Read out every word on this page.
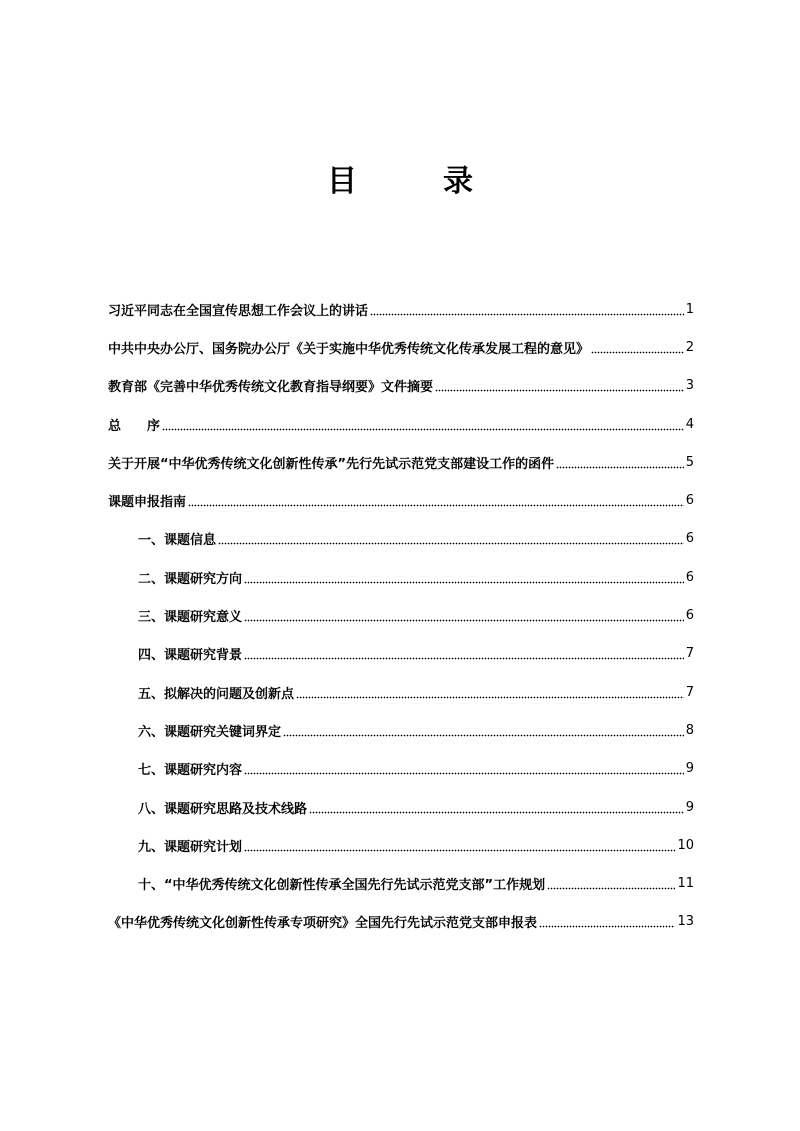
目　录
习近平同志在全国宣传思想工作会议上的讲话	1
中共中央办公厅、国务院办公厅《关于实施中华优秀传统文化传承发展工程的意见》	2
教育部《完善中华优秀传统文化教育指导纲要》文件摘要	3
总　　序	4
关于开展“中华优秀传统文化创新性传承”先行先试示范党支部建设工作的函件	5
课题申报指南	6
一、课题信息	6
二、课题研究方向	6
三、课题研究意义	6
四、课题研究背景	7
五、拟解决的问题及创新点	7
六、课题研究关键词界定	8
七、课题研究内容	9
八、课题研究思路及技术线路	9
九、课题研究计划	10
十、“中华优秀传统文化创新性传承全国先行先试示范党支部”工作规划	11
《中华优秀传统文化创新性传承专项研究》全国先行先试示范党支部申报表	13
